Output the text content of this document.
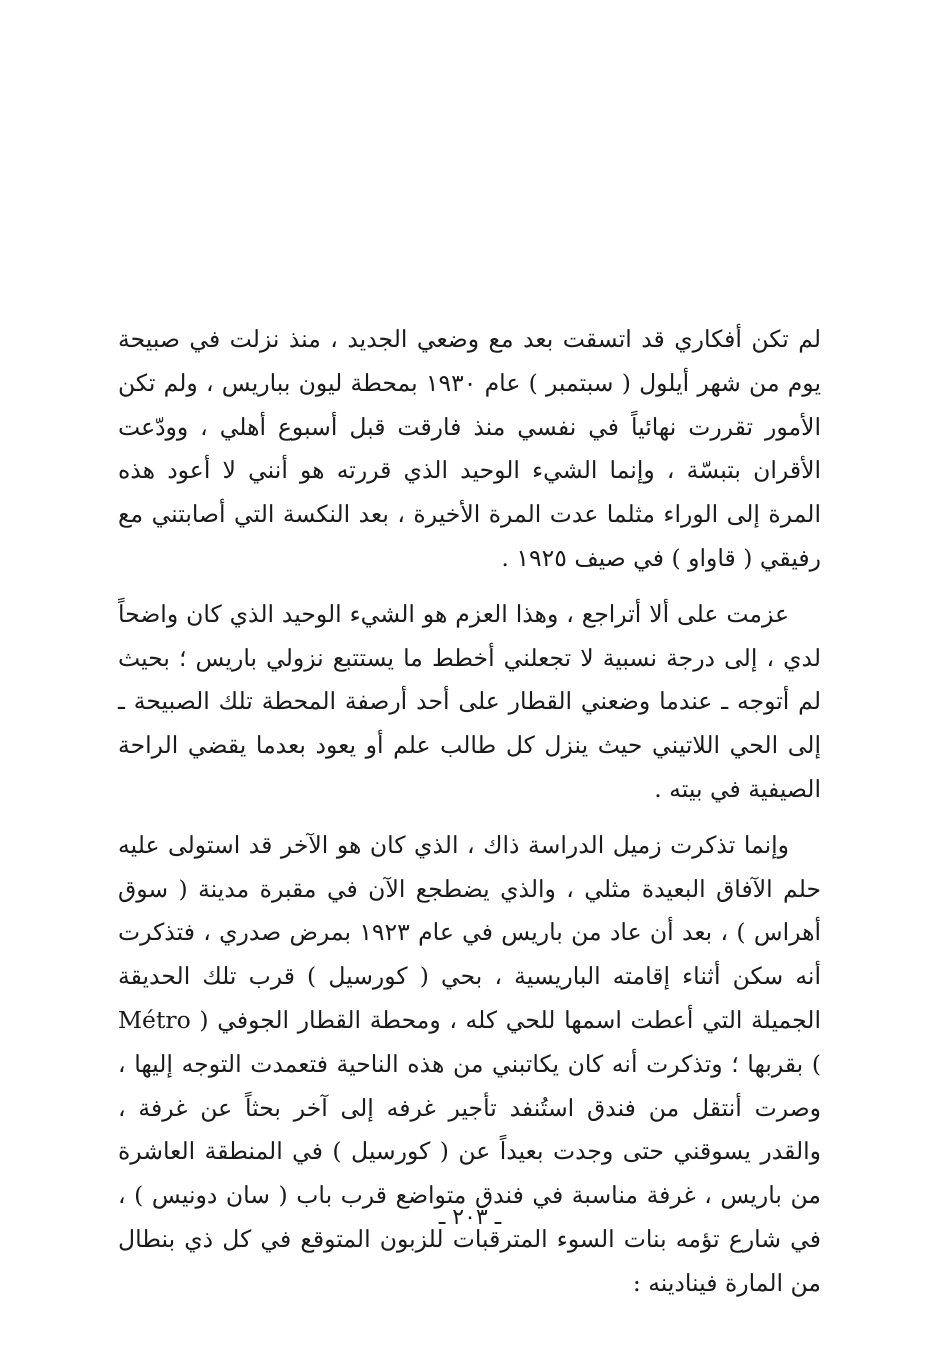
لم تكن أفكاري قد اتسقت بعد مع وضعي الجديد ، منذ نزلت في صبيحة يوم من شهر أيلول ( سبتمبر ) عام ١٩٣٠ بمحطة ليون بباريس ، ولم تكن الأمور تقررت نهائياً في نفسي منذ فارقت قبل أسبوع أهلي ، وودّعت الأقران بتبسّة ، وإنما الشيء الوحيد الذي قررته هو أنني لا أعود هذه المرة إلى الوراء مثلما عدت المرة الأخيرة ، بعد النكسة التي أصابتني مع رفيقي ( قاواو ) في صيف ١٩٢٥ .

عزمت على ألا أتراجع ، وهذا العزم هو الشيء الوحيد الذي كان واضحاً لدي ، إلى درجة نسبية لا تجعلني أخطط ما يستتبع نزولي باريس ؛ بحيث لم أتوجه ـ عندما وضعني القطار على أحد أرصفة المحطة تلك الصبيحة ـ إلى الحي اللاتيني حيث ينزل كل طالب علم أو يعود بعدما يقضي الراحة الصيفية في بيته .

وإنما تذكرت زميل الدراسة ذاك ، الذي كان هو الآخر قد استولى عليه حلم الآفاق البعيدة مثلي ، والذي يضطجع الآن في مقبرة مدينة ( سوق أهراس ) ، بعد أن عاد من باريس في عام ١٩٢٣ بمرض صدري ، فتذكرت أنه سكن أثناء إقامته الباريسية ، بحي ( كورسيل ) قرب تلك الحديقة الجميلة التي أعطت اسمها للحي كله ، ومحطة القطار الجوفي ( Métro ) بقربها ؛ وتذكرت أنه كان يكاتبني من هذه الناحية فتعمدت التوجه إليها ، وصرت أنتقل من فندق استُنفد تأجير غرفه إلى آخر بحثاً عن غرفة ، والقدر يسوقني حتى وجدت بعيداً عن ( كورسيل ) في المنطقة العاشرة من باريس ، غرفة مناسبة في فندق متواضع قرب باب ( سان دونيس ) ، في شارع تؤمه بنات السوء المترقبات للزبون المتوقع في كل ذي بنطال من المارة فينادينه :

ـ ٢٠٣ ـ
